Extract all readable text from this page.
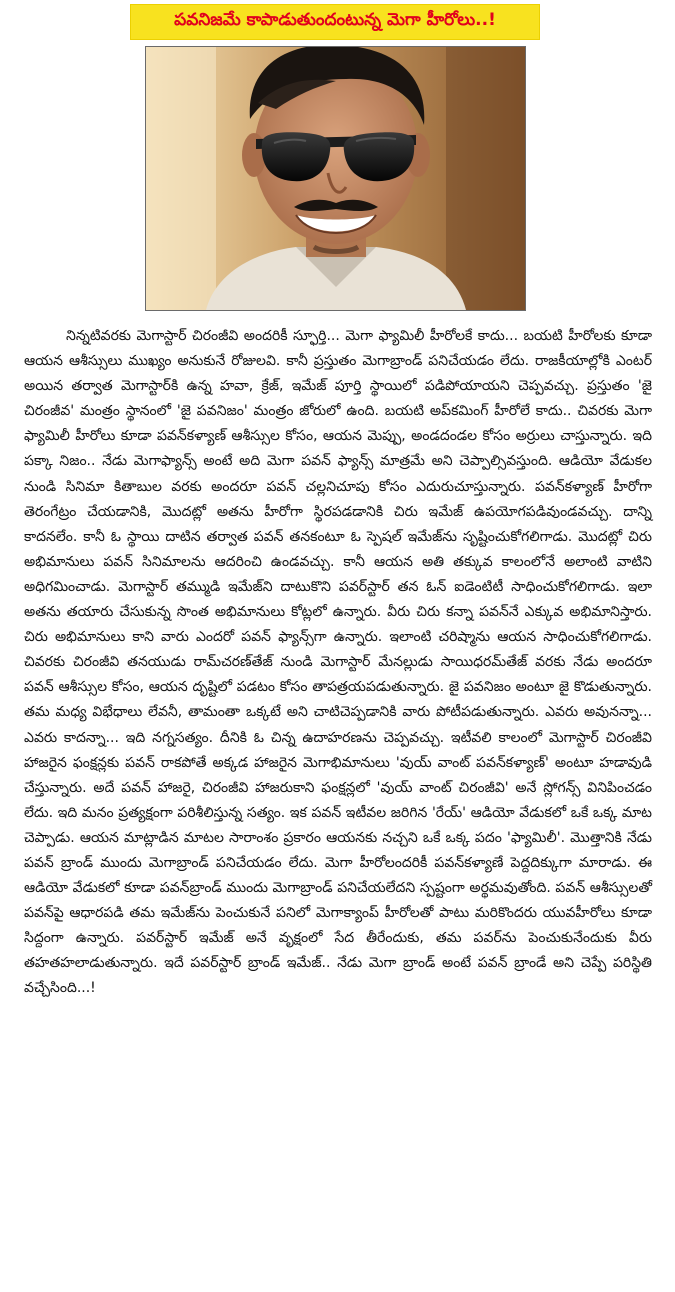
పవనిజమే కాపాడుతుందంటున్న మెగా హీరోలు..!

నిన్నటివరకు మెగాస్టార్ చిరంజీవి అందరికీ స్ఫూర్తి... మెగా ఫ్యామిలీ హీరోలకే కాదు... బయటి హీరోలకు కూడా ఆయన ఆశీస్సులు ముఖ్యం అనుకునే రోజులవి. కానీ ప్రస్తుతం మెగాబ్రాండ్ పనిచేయడం లేదు. రాజకీయాల్లోకి ఎంటర్ అయిన తర్వాత మెగాస్టార్‌కి ఉన్న హవా, క్రేజ్, ఇమేజ్ పూర్తి స్థాయిలో పడిపోయాయని చెప్పవచ్చు. ప్రస్తుతం 'జై చిరంజీవ' మంత్రం స్థానంలో 'జై పవనిజం' మంత్రం జోరులో ఉంది. బయటి అప్‌కమింగ్ హీరోలే కాదు.. చివరకు మెగా ఫ్యామిలీ హీరోలు కూడా పవన్‌కళ్యాణ్ ఆశీస్సుల కోసం, ఆయన మెప్పు, అండదండల కోసం అర్రులు చాస్తున్నారు. ఇది పక్కా నిజం.. నేడు మెగాఫ్యాన్స్ అంటే అది మెగా పవన్ ఫ్యాన్స్ మాత్రమే అని చెప్పాల్సివస్తుంది. ఆడియో వేడుకల నుండి సినిమా కితాబుల వరకు అందరూ పవన్ చల్లనిచూపు కోసం ఎదురుచూస్తున్నారు. పవన్‌కళ్యాణ్ హీరోగా తెరంగేట్రం చేయడానికి, మొదట్లో అతను హీరోగా స్థిరపడడానికి చిరు ఇమేజ్ ఉపయోగపడివుండవచ్చు. దాన్ని కాదనలేం. కానీ ఓ స్థాయి దాటిన తర్వాత పవన్ తనకంటూ ఓ స్పెషల్ ఇమేజ్‌ను సృష్టించుకోగలిగాడు. మొదట్లో చిరు అభిమానులు పవన్ సినిమాలను ఆదరించి ఉండవచ్చు. కానీ ఆయన అతి తక్కువ కాలంలోనే అలాంటి వాటిని అధిగమించాడు. మెగాస్టార్ తమ్ముడి ఇమేజ్‌ని దాటుకొని పవర్‌స్టార్ తన ఓన్ ఐడెంటిటీ సాధించుకోగలిగాడు. ఇలా అతను తయారు చేసుకున్న సొంత అభిమానులు కోట్లలో ఉన్నారు. వీరు చిరు కన్నా పవన్‌నే ఎక్కువ అభిమానిస్తారు. చిరు అభిమానులు కాని వారు ఎందరో పవన్ ఫ్యాన్స్‌గా ఉన్నారు. ఇలాంటి చరిష్మాను ఆయన సాధించుకోగలిగాడు. చివరకు చిరంజీవి తనయుడు రామ్‌చరణ్‌తేజ్ నుండి మెగాస్టార్ మేనల్లుడు సాయిధరమ్‌తేజ్ వరకు నేడు అందరూ పవన్ ఆశీస్సుల కోసం, ఆయన దృష్టిలో పడటం కోసం తాపత్రయపడుతున్నారు. జై పవనిజం అంటూ జై కొడుతున్నారు. తమ మధ్య విభేధాలు లేవనీ, తామంతా ఒక్కటే అని చాటిచెప్పడానికి వారు పోటీపడుతున్నారు. ఎవరు అవునన్నా... ఎవరు కాదన్నా... ఇది నగ్నసత్యం. దీనికి ఓ చిన్న ఉదాహరణను చెప్పవచ్చు. ఇటీవలి కాలంలో మెగాస్టార్ చిరంజీవి హాజరైన ఫంక్షన్లకు పవన్ రాకపోతే అక్కడ హాజరైన మెగాభిమానులు 'వుయ్ వాంట్ పవన్‌కళ్యాణ్' అంటూ హడావుడి చేస్తున్నారు. అదే పవన్ హాజరై, చిరంజీవి హాజరుకాని ఫంక్షన్లలో 'వుయ్ వాంట్ చిరంజీవి' అనే స్లోగన్స్ వినిపించడం లేదు. ఇది మనం ప్రత్యక్షంగా పరిశీలిస్తున్న సత్యం. ఇక పవన్ ఇటీవల జరిగిన 'రేయ్' ఆడియో వేడుకలో ఒకే ఒక్క మాట చెప్పాడు. ఆయన మాట్లాడిన మాటల సారాంశం ప్రకారం ఆయనకు నచ్చని ఒకే ఒక్క పదం 'ఫ్యామిలీ'. మొత్తానికి నేడు పవన్ బ్రాండ్ ముందు మెగాబ్రాండ్ పనిచేయడం లేదు. మెగా హీరోలందరికీ పవన్‌కళ్యాణే పెద్దదిక్కుగా మారాడు. ఈ ఆడియో వేడుకలో కూడా పవన్‌బ్రాండ్ ముందు మెగాబ్రాండ్ పనిచేయలేదని స్పష్టంగా అర్థమవుతోంది. పవన్ ఆశీస్సులతో పవన్‌పై ఆధారపడి తమ ఇమేజ్‌ను పెంచుకునే పనిలో మెగాక్యాంప్ హీరోలతో పాటు మరికొందరు యువహీరోలు కూడా సిద్దంగా ఉన్నారు. పవర్‌స్టార్ ఇమేజ్ అనే వృక్షంలో సేద తీరేందుకు, తమ పవర్‌ను పెంచుకునేందుకు వీరు తహతహలాడుతున్నారు. ఇదే పవర్‌స్టార్ బ్రాండ్ ఇమేజ్.. నేడు మెగా బ్రాండ్ అంటే పవన్ బ్రాండే అని చెప్పే పరిస్థితి వచ్చేసింది...!
